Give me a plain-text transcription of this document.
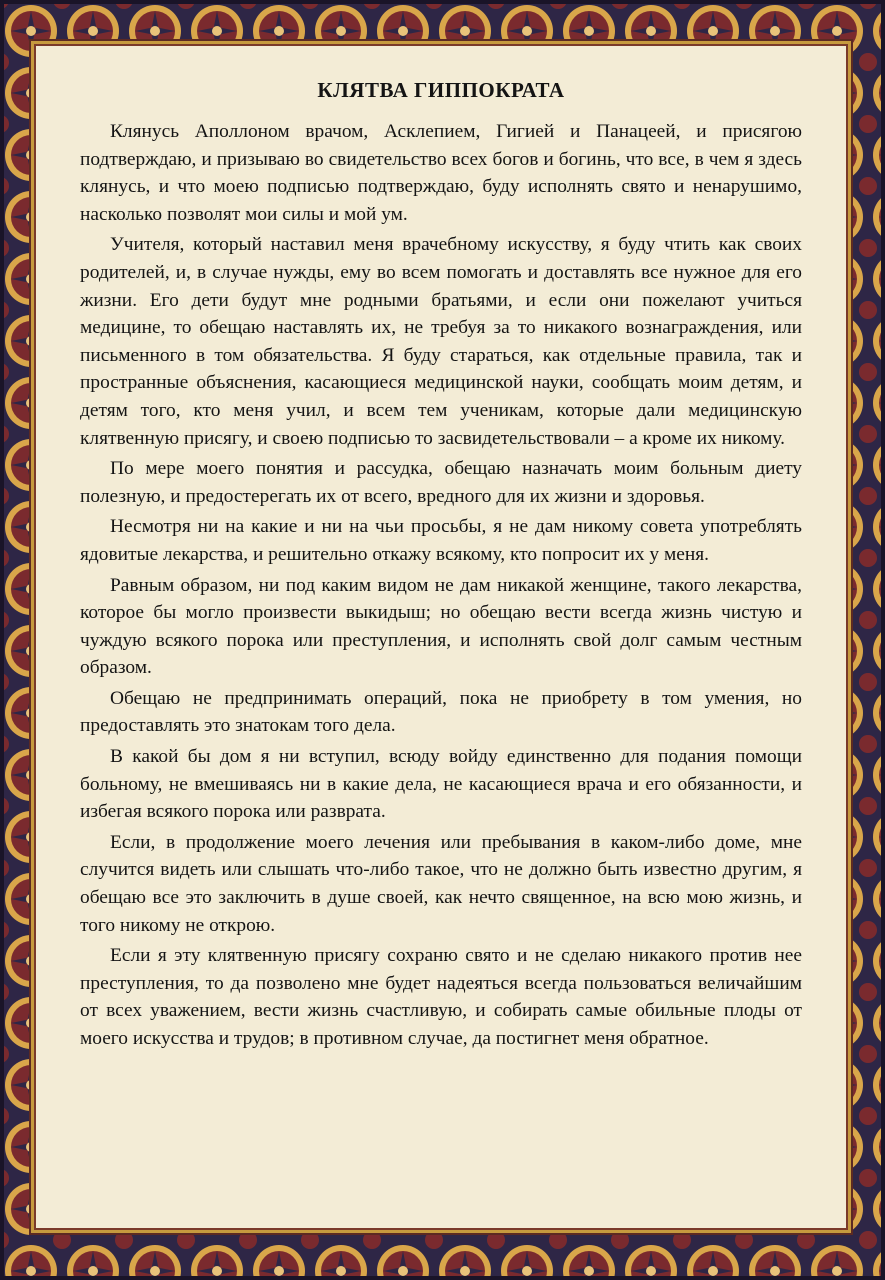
КЛЯТВА ГИППОКРАТА

Клянусь Аполлоном врачом, Асклепием, Гигией и Панацеей, и присягою подтверждаю, и призываю во свидетельство всех богов и богинь, что все, в чем я здесь клянусь, и что моею подписью подтверждаю, буду исполнять свято и ненарушимо, насколько позволят мои силы и мой ум.

Учителя, который наставил меня врачебному искусству, я буду чтить как своих родителей, и, в случае нужды, ему во всем помогать и доставлять все нужное для его жизни. Его дети будут мне родными братьями, и если они пожелают учиться медицине, то обещаю наставлять их, не требуя за то никакого вознаграждения, или письменного в том обязательства. Я буду стараться, как отдельные правила, так и пространные объяснения, касающиеся медицинской науки, сообщать моим детям, и детям того, кто меня учил, и всем тем ученикам, которые дали медицинскую клятвенную присягу, и своею подписью то засвидетельствовали – а кроме их никому.

По мере моего понятия и рассудка, обещаю назначать моим больным диету полезную, и предостерегать их от всего, вредного для их жизни и здоровья.

Несмотря ни на какие и ни на чьи просьбы, я не дам никому совета употреблять ядовитые лекарства, и решительно откажу всякому, кто попросит их у меня.

Равным образом, ни под каким видом не дам никакой женщине, такого лекарства, которое бы могло произвести выкидыш; но обещаю вести всегда жизнь чистую и чуждую всякого порока или преступления, и исполнять свой долг самым честным образом.

Обещаю не предпринимать операций, пока не приобрету в том умения, но предоставлять это знатокам того дела.

В какой бы дом я ни вступил, всюду войду единственно для подания помощи больному, не вмешиваясь ни в какие дела, не касающиеся врача и его обязанности, и избегая всякого порока или разврата.

Если, в продолжение моего лечения или пребывания в каком-либо доме, мне случится видеть или слышать что-либо такое, что не должно быть известно другим, я обещаю все это заключить в душе своей, как нечто священное, на всю мою жизнь, и того никому не открою.

Если я эту клятвенную присягу сохраню свято и не сделаю никакого против нее преступления, то да позволено мне будет надеяться всегда пользоваться величайшим от всех уважением, вести жизнь счастливую, и собирать самые обильные плоды от моего искусства и трудов; в противном случае, да постигнет меня обратное.
